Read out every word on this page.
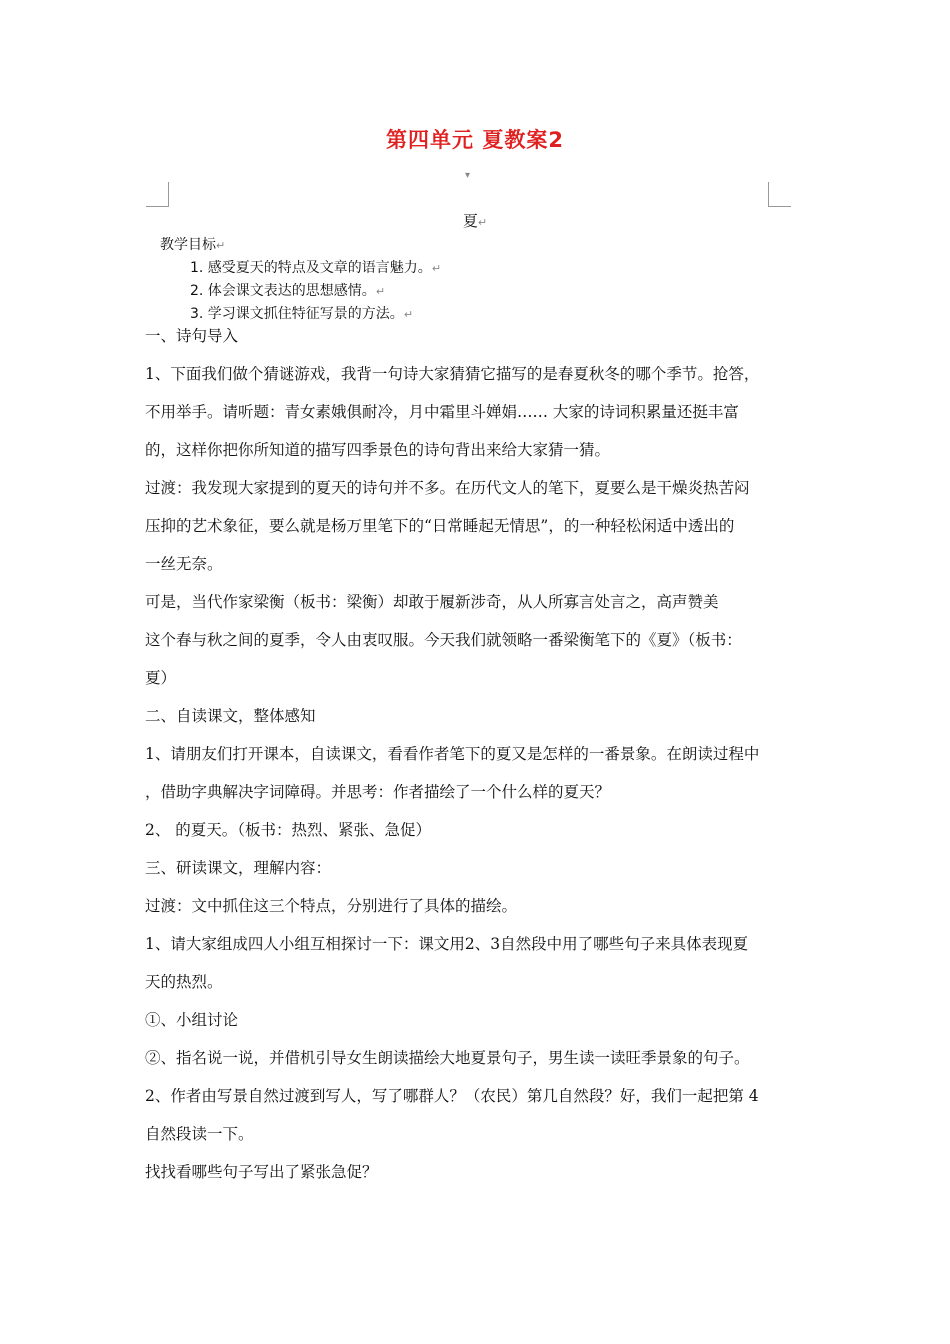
第四单元 夏教案2
▾
夏↵
教学目标↵
1. 感受夏天的特点及文章的语言魅力。↵
2. 体会课文表达的思想感情。↵
3. 学习课文抓住特征写景的方法。↵

一、诗句导入

1、下面我们做个猜谜游戏，我背一句诗大家猜猜它描写的是春夏秋冬的哪个季节。抢答，

不用举手。请听题：青女素娥俱耐冷，月中霜里斗婵娟…… 大家的诗词积累量还挺丰富

的，这样你把你所知道的描写四季景色的诗句背出来给大家猜一猜。

过渡：我发现大家提到的夏天的诗句并不多。在历代文人的笔下，夏要么是干燥炎热苦闷

压抑的艺术象征，要么就是杨万里笔下的“日常睡起无情思”，的一种轻松闲适中透出的

一丝无奈。

可是，当代作家梁衡（板书：梁衡）却敢于履新涉奇，从人所寡言处言之，高声赞美

这个春与秋之间的夏季，令人由衷叹服。今天我们就领略一番梁衡笔下的《夏》（板书：

夏）

二、自读课文，整体感知

1、请朋友们打开课本，自读课文，看看作者笔下的夏又是怎样的一番景象。在朗读过程中

，借助字典解决字词障碍。并思考：作者描绘了一个什么样的夏天？

2、 的夏天。（板书：热烈、紧张、急促）

三、研读课文，理解内容：

过渡：文中抓住这三个特点，分别进行了具体的描绘。

1、请大家组成四人小组互相探讨一下：课文用2、3自然段中用了哪些句子来具体表现夏

天的热烈。

①、小组讨论

②、指名说一说，并借机引导女生朗读描绘大地夏景句子，男生读一读旺季景象的句子。

2、作者由写景自然过渡到写人，写了哪群人？（农民）第几自然段？好，我们一起把第 4

自然段读一下。

找找看哪些句子写出了紧张急促？
